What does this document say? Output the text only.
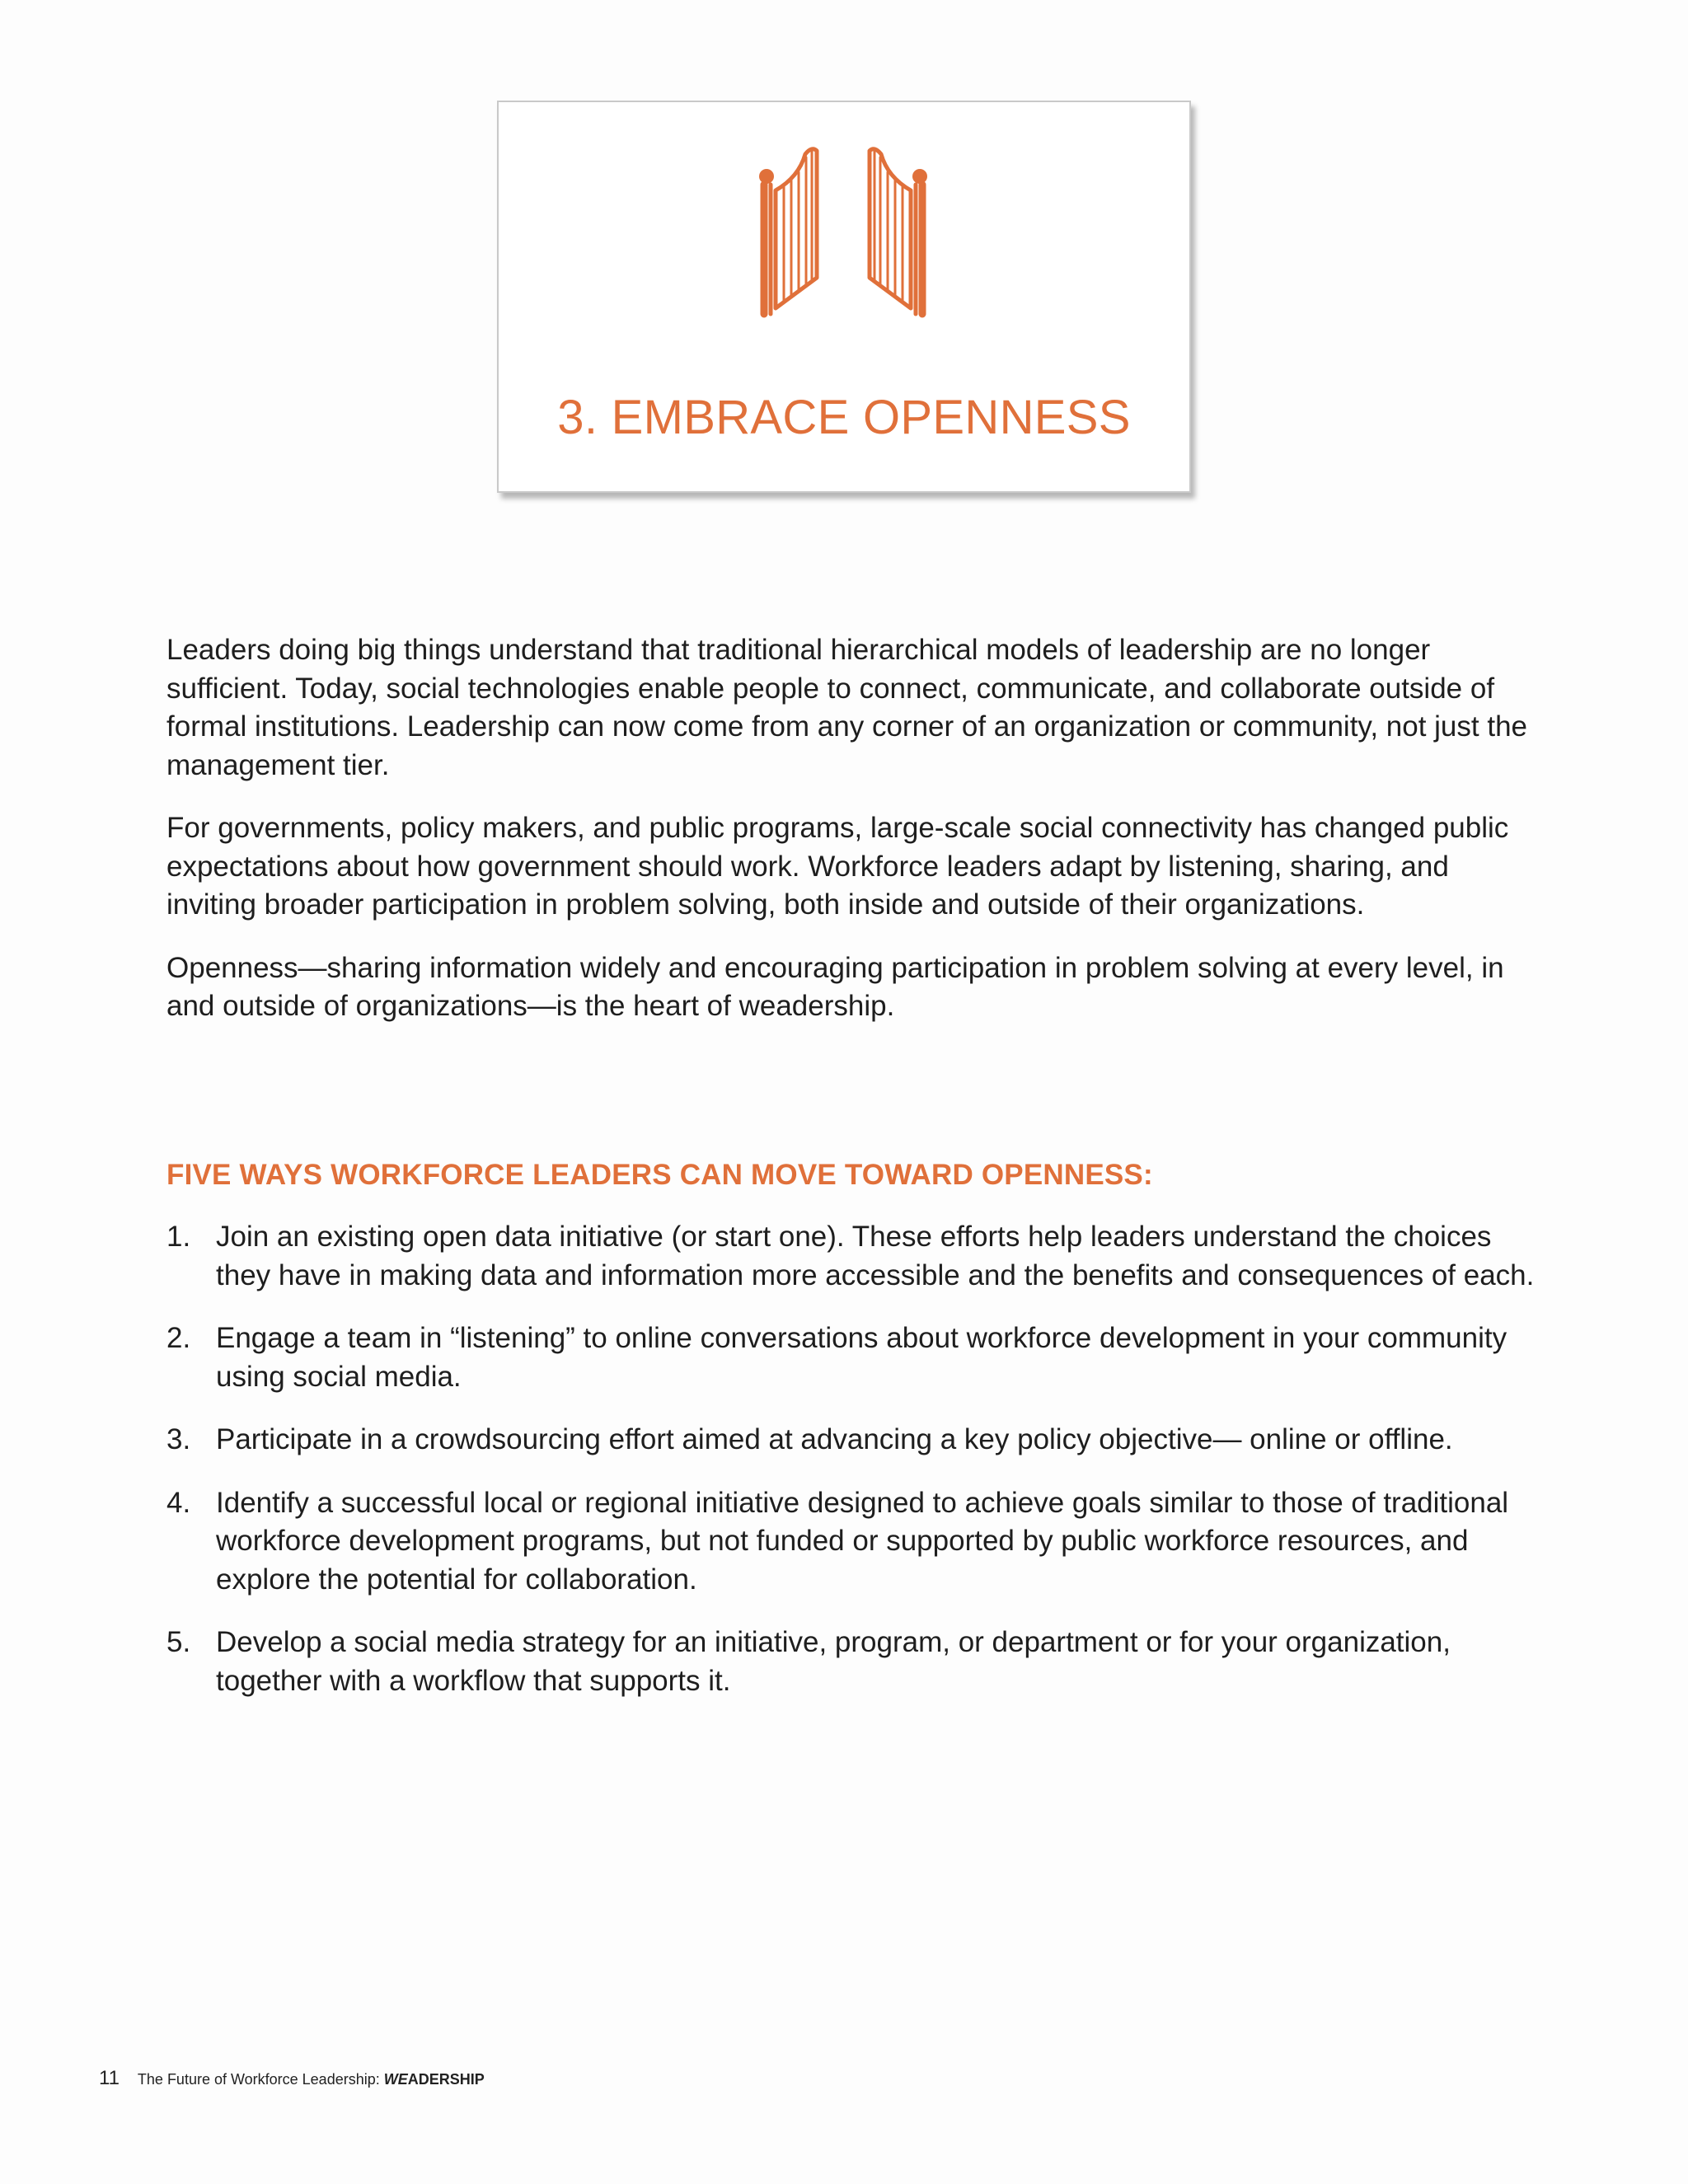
3. EMBRACE OPENNESS

Leaders doing big things understand that traditional hierarchical models of leadership are no longer sufficient. Today, social technologies enable people to connect, communicate, and collaborate outside of formal institutions. Leadership can now come from any corner of an organization or community, not just the management tier.

For governments, policy makers, and public programs, large-scale social connectivity has changed public expectations about how government should work. Workforce leaders adapt by listening, sharing, and inviting broader participation in problem solving, both inside and outside of their organizations.

Openness—sharing information widely and encouraging participation in problem solving at every level, in and outside of organizations—is the heart of weadership.

FIVE WAYS WORKFORCE LEADERS CAN MOVE TOWARD OPENNESS:
1. Join an existing open data initiative (or start one). These efforts help leaders understand the choices they have in making data and information more accessible and the benefits and consequences of each.
2. Engage a team in “listening” to online conversations about workforce development in your community using social media.
3. Participate in a crowdsourcing effort aimed at advancing a key policy objective— online or offline.
4. Identify a successful local or regional initiative designed to achieve goals similar to those of traditional workforce development programs, but not funded or supported by public workforce resources, and explore the potential for collaboration.
5. Develop a social media strategy for an initiative, program, or department or for your organization, together with a workflow that supports it.
11 The Future of Workforce Leadership: WEADERSHIP
